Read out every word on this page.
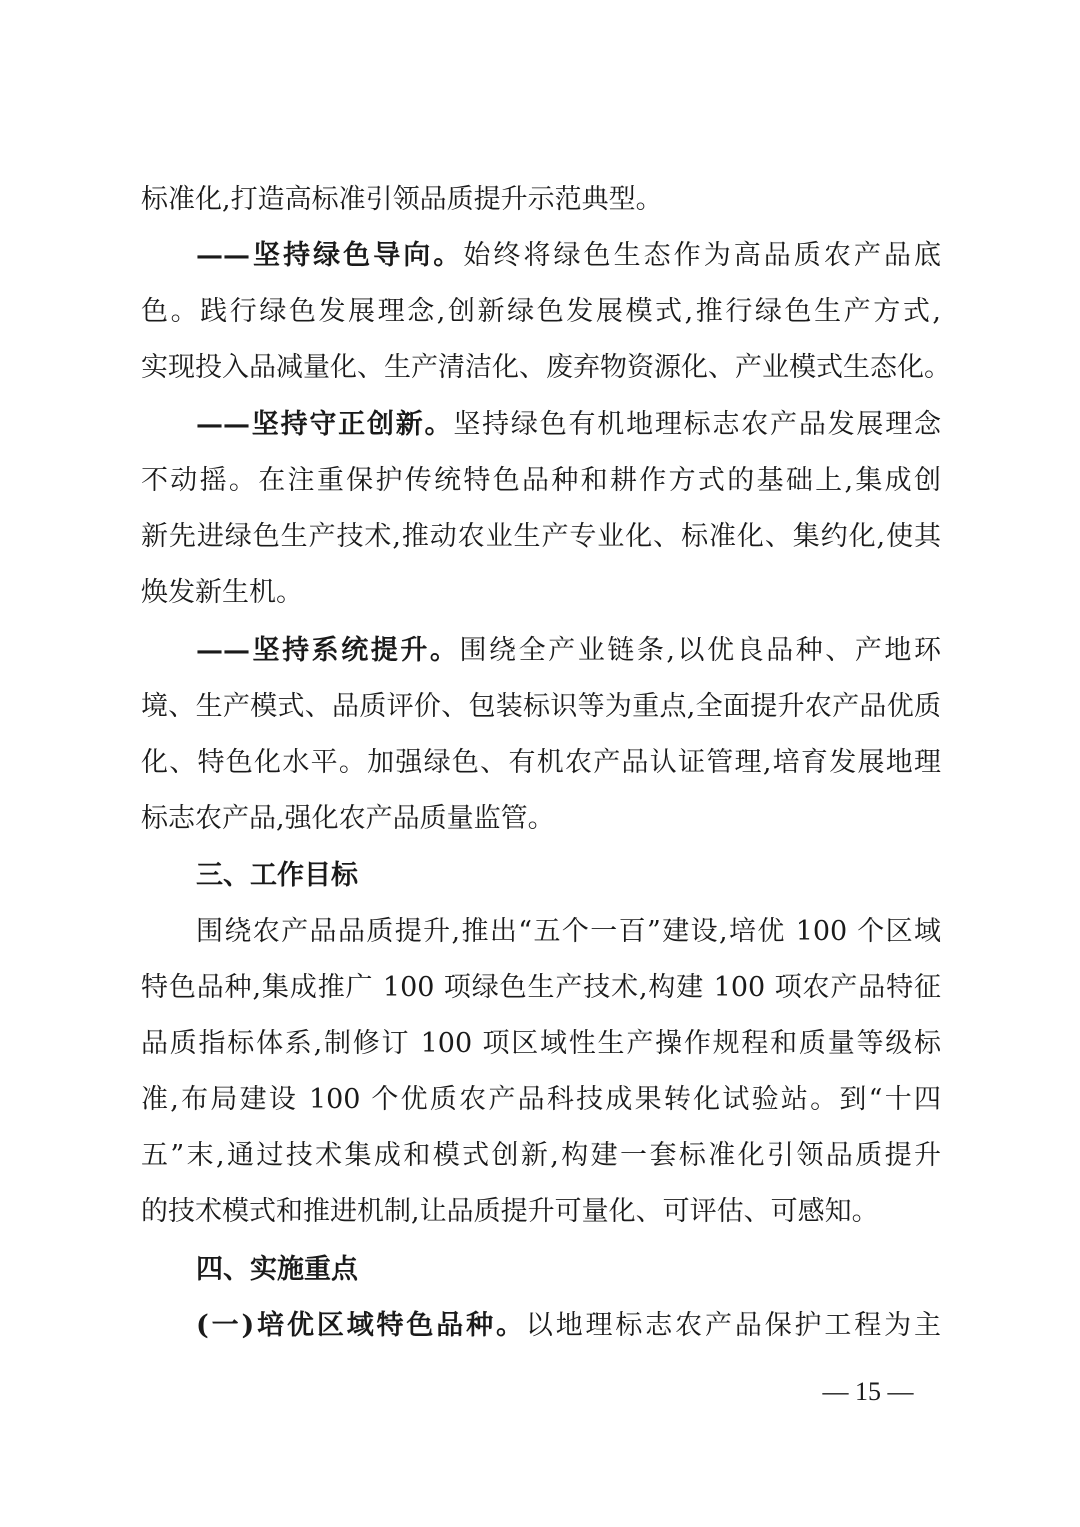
标准化,打造高标准引领品质提升示范典型。
——坚持绿色导向。始终将绿色生态作为高品质农产品底
色。践行绿色发展理念,创新绿色发展模式,推行绿色生产方式,
实现投入品减量化、生产清洁化、废弃物资源化、产业模式生态化。
——坚持守正创新。坚持绿色有机地理标志农产品发展理念
不动摇。在注重保护传统特色品种和耕作方式的基础上,集成创
新先进绿色生产技术,推动农业生产专业化、标准化、集约化,使其
焕发新生机。
——坚持系统提升。围绕全产业链条,以优良品种、产地环
境、生产模式、品质评价、包装标识等为重点,全面提升农产品优质
化、特色化水平。加强绿色、有机农产品认证管理,培育发展地理
标志农产品,强化农产品质量监管。
三、工作目标
围绕农产品品质提升,推出“五个一百”建设,培优 100 个区域
特色品种,集成推广 100 项绿色生产技术,构建 100 项农产品特征
品质指标体系,制修订 100 项区域性生产操作规程和质量等级标
准,布局建设 100 个优质农产品科技成果转化试验站。到“十四
五”末,通过技术集成和模式创新,构建一套标准化引领品质提升
的技术模式和推进机制,让品质提升可量化、可评估、可感知。
四、实施重点
(一)培优区域特色品种。以地理标志农产品保护工程为主
— 15 —
